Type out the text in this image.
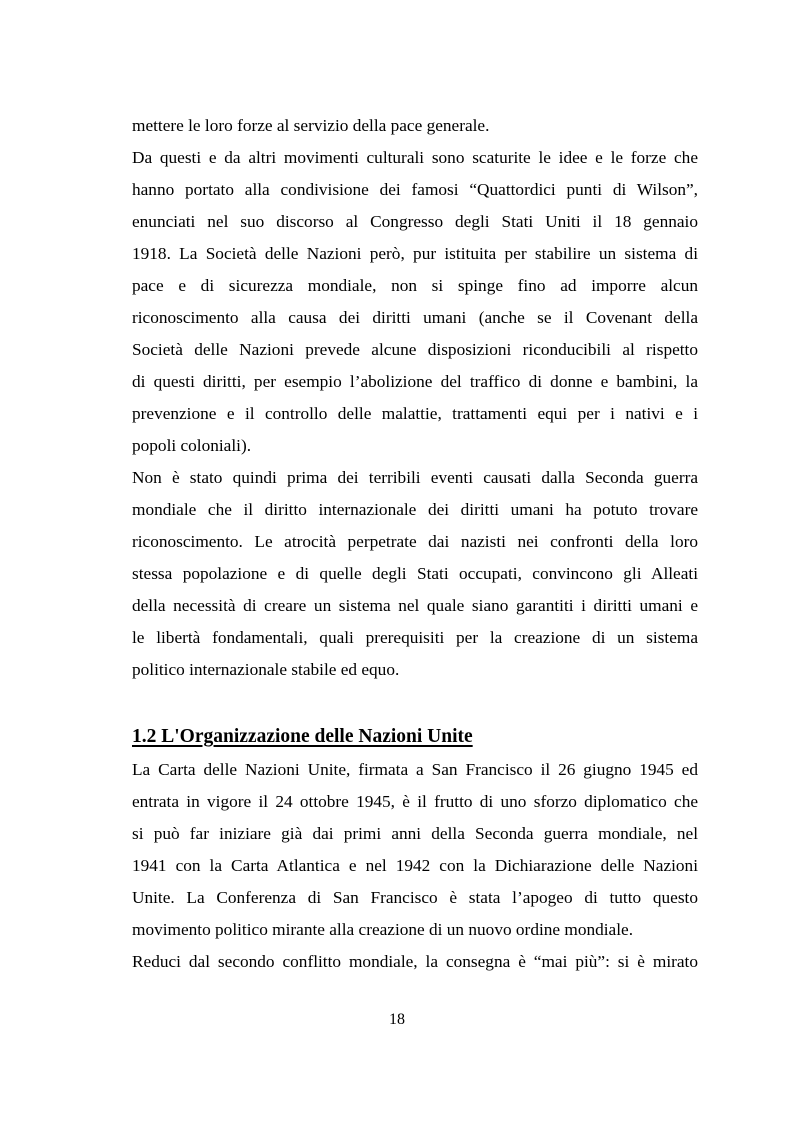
mettere le loro forze al servizio della pace generale.
Da questi e da altri movimenti culturali sono scaturite le idee e le forze che
hanno portato alla condivisione dei famosi “Quattordici punti di Wilson”,
enunciati nel suo discorso al Congresso degli Stati Uniti il 18 gennaio
1918. La Società delle Nazioni però, pur istituita per stabilire un sistema di
pace e di sicurezza mondiale, non si spinge fino ad imporre alcun
riconoscimento alla causa dei diritti umani (anche se il Covenant della
Società delle Nazioni prevede alcune disposizioni riconducibili al rispetto
di questi diritti, per esempio l’abolizione del traffico di donne e bambini, la
prevenzione e il controllo delle malattie, trattamenti equi per i nativi e i
popoli coloniali).
Non è stato quindi prima dei terribili eventi causati dalla Seconda guerra
mondiale che il diritto internazionale dei diritti umani ha potuto trovare
riconoscimento. Le atrocità perpetrate dai nazisti nei confronti della loro
stessa popolazione e di quelle degli Stati occupati, convincono gli Alleati
della necessità di creare un sistema nel quale siano garantiti i diritti umani e
le libertà fondamentali, quali prerequisiti per la creazione di un sistema
politico internazionale stabile ed equo.
1.2 L'Organizzazione delle Nazioni Unite
La Carta delle Nazioni Unite, firmata a San Francisco il 26 giugno 1945 ed
entrata in vigore il 24 ottobre 1945, è il frutto di uno sforzo diplomatico che
si può far iniziare già dai primi anni della Seconda guerra mondiale, nel
1941 con la Carta Atlantica e nel 1942 con la Dichiarazione delle Nazioni
Unite. La Conferenza di San Francisco è stata l’apogeo di tutto questo
movimento politico mirante alla creazione di un nuovo ordine mondiale.
Reduci dal secondo conflitto mondiale, la consegna è “mai più”: si è mirato
18
